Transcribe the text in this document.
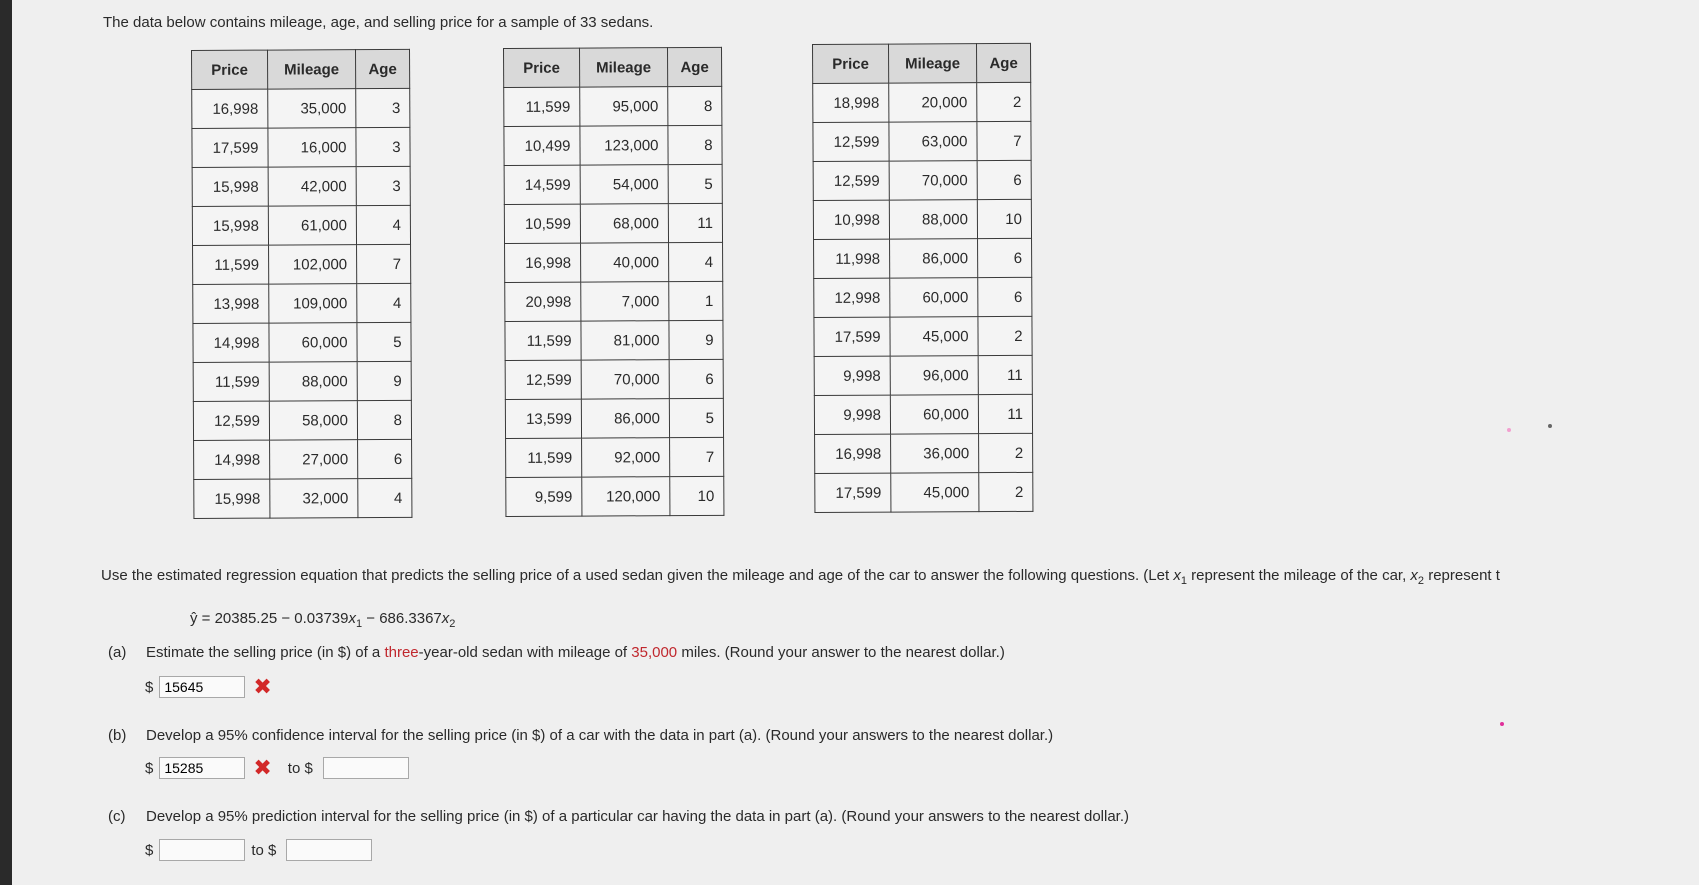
The data below contains mileage, age, and selling price for a sample of 33 sedans.
Price	Mileage	Age
16,998	35,000	3
17,599	16,000	3
15,998	42,000	3
15,998	61,000	4
11,599	102,000	7
13,998	109,000	4
14,998	60,000	5
11,599	88,000	9
12,599	58,000	8
14,998	27,000	6
15,998	32,000	4
Price	Mileage	Age
11,599	95,000	8
10,499	123,000	8
14,599	54,000	5
10,599	68,000	11
16,998	40,000	4
20,998	7,000	1
11,599	81,000	9
12,599	70,000	6
13,599	86,000	5
11,599	92,000	7
9,599	120,000	10
Price	Mileage	Age
18,998	20,000	2
12,599	63,000	7
12,599	70,000	6
10,998	88,000	10
11,998	86,000	6
12,998	60,000	6
17,599	45,000	2
9,998	96,000	11
9,998	60,000	11
16,998	36,000	2
17,599	45,000	2
Use the estimated regression equation that predicts the selling price of a used sedan given the mileage and age of the car to answer the following questions. (Let $x_1$ represent the mileage of the car, $x_2$ represent t
ŷ = $20385.25 - 0.03739x_1 - 686.3367x_2$
(a) Estimate the selling price (in $) of a three-year-old sedan with mileage of 35,000 miles. (Round your answer to the nearest dollar.)
$
15645	✖
(b) Develop a 95% confidence interval for the selling price (in $) of a car with the data in part (a). (Round your answers to the nearest dollar.)
$
15285	✖ to $
(c) Develop a 95% prediction interval for the selling price (in $) of a particular car having the data in part (a). (Round your answers to the nearest dollar.)
$	to $
